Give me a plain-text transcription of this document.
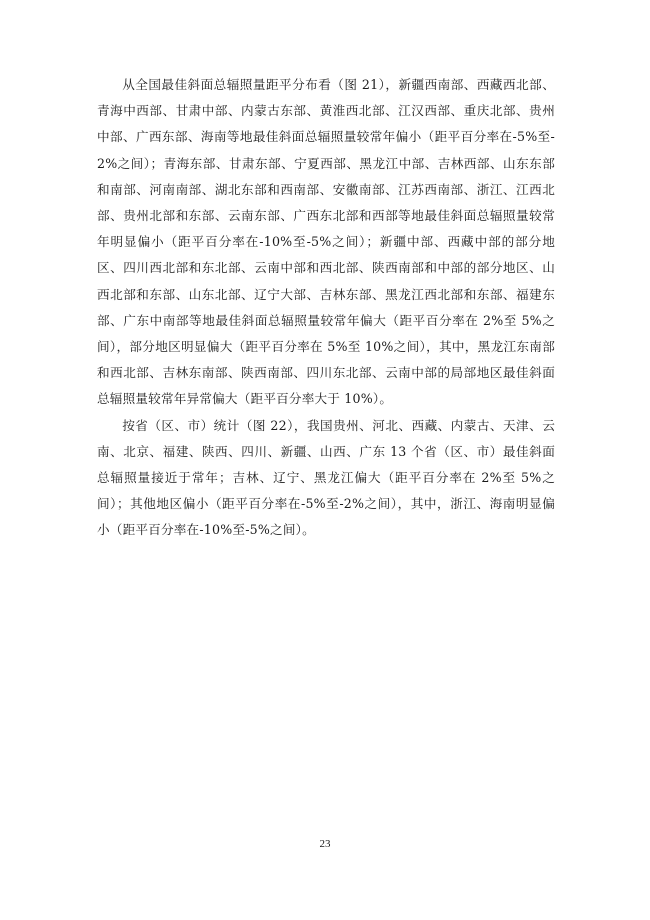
从全国最佳斜面总辐照量距平分布看（图 21），新疆西南部、西藏西北部、青海中西部、甘肃中部、内蒙古东部、黄淮西北部、江汉西部、重庆北部、贵州中部、广西东部、海南等地最佳斜面总辐照量较常年偏小（距平百分率在-5%至-2%之间）；青海东部、甘肃东部、宁夏西部、黑龙江中部、吉林西部、山东东部和南部、河南南部、湖北东部和西南部、安徽南部、江苏西南部、浙江、江西北部、贵州北部和东部、云南东部、广西东北部和西部等地最佳斜面总辐照量较常年明显偏小（距平百分率在-10%至-5%之间）；新疆中部、西藏中部的部分地区、四川西北部和东北部、云南中部和西北部、陕西南部和中部的部分地区、山西北部和东部、山东北部、辽宁大部、吉林东部、黑龙江西北部和东部、福建东部、广东中南部等地最佳斜面总辐照量较常年偏大（距平百分率在 2%至 5%之间），部分地区明显偏大（距平百分率在 5%至 10%之间），其中，黑龙江东南部和西北部、吉林东南部、陕西南部、四川东北部、云南中部的局部地区最佳斜面总辐照量较常年异常偏大（距平百分率大于 10%）。

按省（区、市）统计（图 22），我国贵州、河北、西藏、内蒙古、天津、云南、北京、福建、陕西、四川、新疆、山西、广东 13 个省（区、市）最佳斜面总辐照量接近于常年；吉林、辽宁、黑龙江偏大（距平百分率在 2%至 5%之间）；其他地区偏小（距平百分率在-5%至-2%之间），其中，浙江、海南明显偏小（距平百分率在-10%至-5%之间）。

23
